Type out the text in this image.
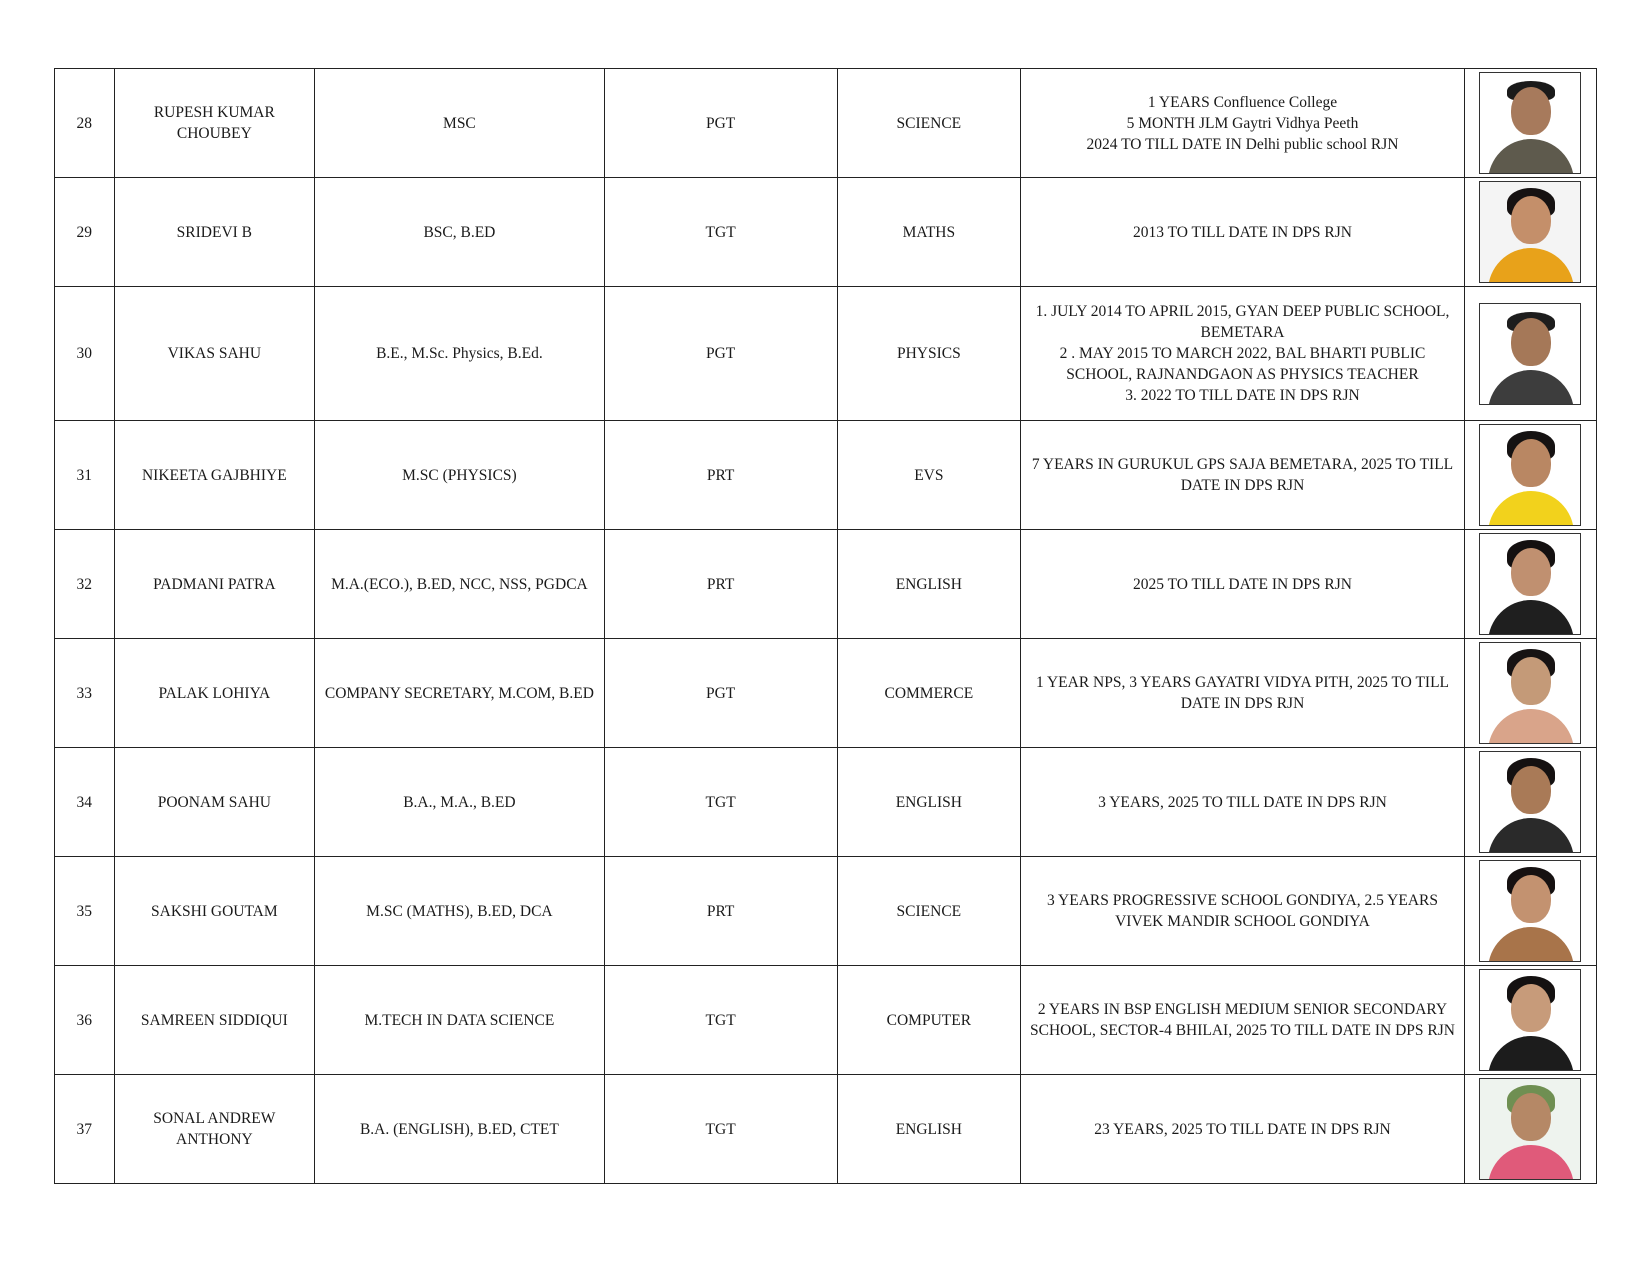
28	RUPESH KUMAR CHOUBEY	MSC	PGT	SCIENCE	1 YEARS Confluence College
5 MONTH JLM Gaytri Vidhya Peeth
2024 TO TILL DATE IN Delhi public school RJN	

29	SRIDEVI B	BSC, B.ED	TGT	MATHS	2013 TO TILL DATE IN DPS RJN	

30	VIKAS SAHU	B.E., M.Sc. Physics, B.Ed.	PGT	PHYSICS	1. JULY 2014 TO APRIL 2015, GYAN DEEP PUBLIC SCHOOL, BEMETARA
2 . MAY 2015 TO MARCH 2022, BAL BHARTI PUBLIC SCHOOL, RAJNANDGAON AS PHYSICS TEACHER
3. 2022 TO TILL DATE IN DPS RJN	

31	NIKEETA GAJBHIYE	M.SC (PHYSICS)	PRT	EVS	7 YEARS IN GURUKUL GPS SAJA BEMETARA, 2025 TO TILL DATE IN DPS RJN	

32	PADMANI PATRA	M.A.(ECO.), B.ED, NCC, NSS, PGDCA	PRT	ENGLISH	2025 TO TILL DATE IN DPS RJN	

33	PALAK LOHIYA	COMPANY SECRETARY, M.COM, B.ED	PGT	COMMERCE	1 YEAR NPS, 3 YEARS GAYATRI VIDYA PITH, 2025 TO TILL DATE IN DPS RJN	

34	POONAM SAHU	B.A., M.A., B.ED	TGT	ENGLISH	3 YEARS, 2025 TO TILL DATE IN DPS RJN	

35	SAKSHI GOUTAM	M.SC (MATHS), B.ED, DCA	PRT	SCIENCE	3 YEARS PROGRESSIVE SCHOOL GONDIYA, 2.5 YEARS VIVEK MANDIR SCHOOL GONDIYA	

36	SAMREEN SIDDIQUI	M.TECH IN DATA SCIENCE	TGT	COMPUTER	2 YEARS IN BSP ENGLISH MEDIUM SENIOR SECONDARY SCHOOL, SECTOR-4 BHILAI, 2025 TO TILL DATE IN DPS RJN	

37	SONAL ANDREW ANTHONY	B.A. (ENGLISH), B.ED, CTET	TGT	ENGLISH	23 YEARS, 2025 TO TILL DATE IN DPS RJN	
